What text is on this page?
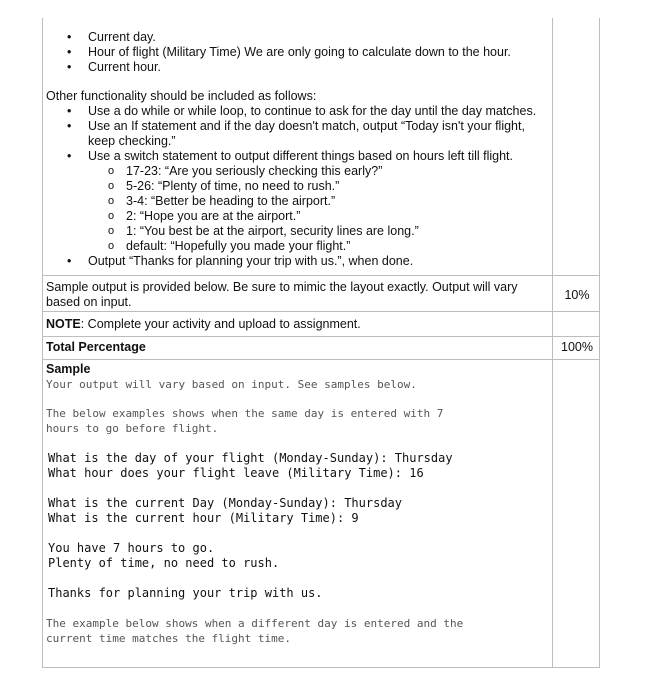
• Current day.
• Hour of flight (Military Time) We are only going to calculate down to the hour.
• Current hour.
Other functionality should be included as follows:
• Use a do while or while loop, to continue to ask for the day until the day matches.
• Use an If statement and if the day doesn't match, output “Today isn't your flight,
keep checking.”
• Use a switch statement to output different things based on hours left till flight.
o 17-23: “Are you seriously checking this early?”
o 5-26: “Plenty of time, no need to rush.”
o 3-4: “Better be heading to the airport.”
o 2: “Hope you are at the airport.”
o 1: “You best be at the airport, security lines are long.”
o default: “Hopefully you made your flight.”
• Output “Thanks for planning your trip with us.”, when done.
Sample output is provided below. Be sure to mimic the layout exactly. Output will vary
based on input.	10%
NOTE: Complete your activity and upload to assignment.
Total Percentage	100%
Sample
Your output will vary based on input. See samples below.
The below examples shows when the same day is entered with 7
hours to go before flight.
What is the day of your flight (Monday-Sunday): Thursday
What hour does your flight leave (Military Time): 16
What is the current Day (Monday-Sunday): Thursday
What is the current hour (Military Time): 9
You have 7 hours to go.
Plenty of time, no need to rush.
Thanks for planning your trip with us.
The example below shows when a different day is entered and the
current time matches the flight time.
